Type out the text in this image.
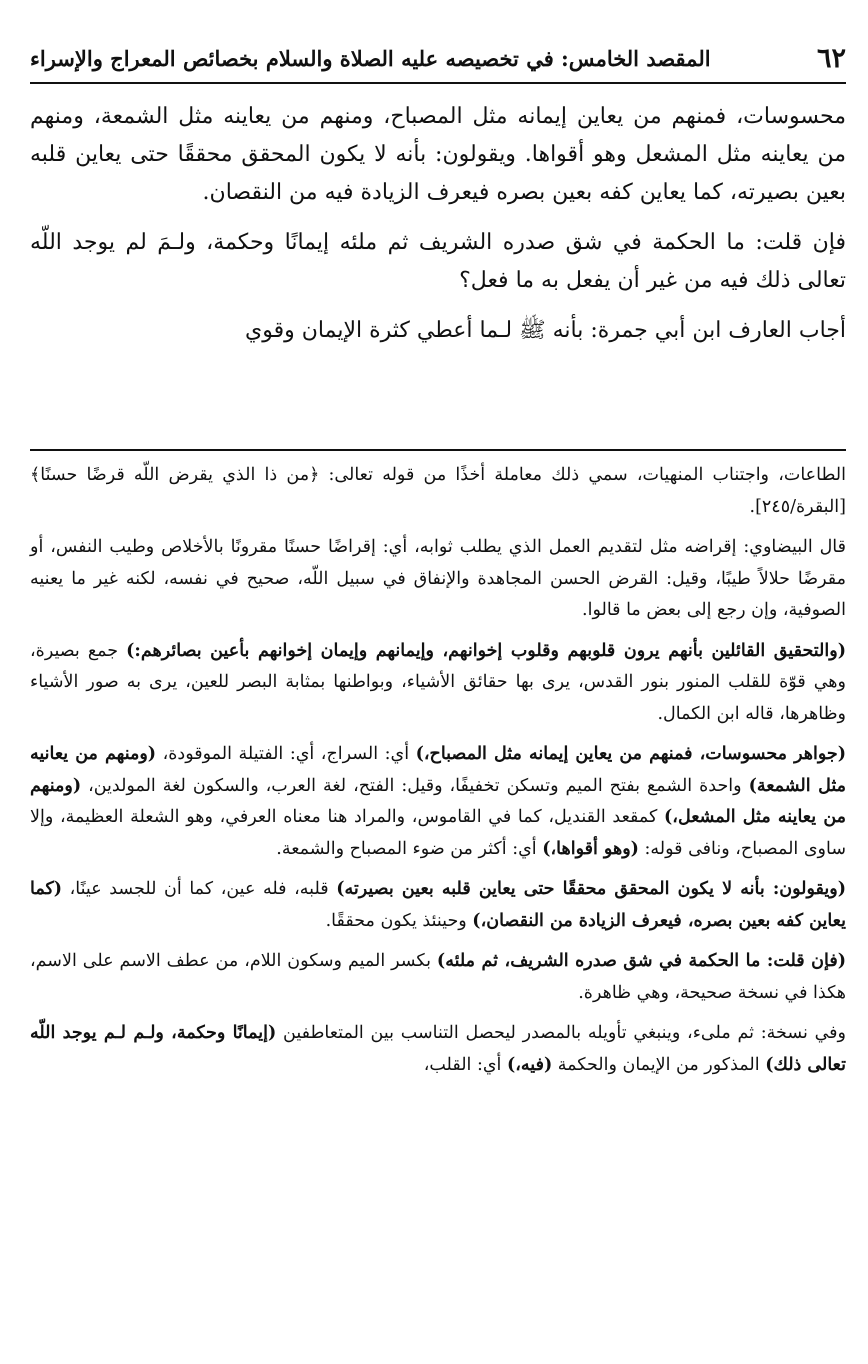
٦٢
المقصد الخامس: في تخصيصه عليه الصلاة والسلام بخصائص المعراج والإسراء

محسوسات، فمنهم من يعاين إيمانه مثل المصباح، ومنهم من يعاينه مثل الشمعة، ومنهم من يعاينه مثل المشعل وهو أقواها. ويقولون: بأنه لا يكون المحقق محققًا حتى يعاين قلبه بعين بصيرته، كما يعاين كفه بعين بصره فيعرف الزيادة فيه من النقصان.

فإن قلت: ما الحكمة في شق صدره الشريف ثم ملئه إيمانًا وحكمة، ولـمَ لم يوجد اللّه تعالى ذلك فيه من غير أن يفعل به ما فعل؟

أجاب العارف ابن أبي جمرة: بأنه ﷺ لـما أعطي كثرة الإيمان وقوي

الطاعات، واجتناب المنهيات، سمي ذلك معاملة أخذًا من قوله تعالى: ﴿من ذا الذي يقرض اللّه قرضًا حسنًا﴾ [البقرة/٢٤٥].

قال البيضاوي: إقراضه مثل لتقديم العمل الذي يطلب ثوابه، أي: إقراضًا حسنًا مقرونًا بالأخلاص وطيب النفس، أو مقرضًا حلالاً طيبًا، وقيل: القرض الحسن المجاهدة والإنفاق في سبيل اللّه، صحيح في نفسه، لكنه غير ما يعنيه الصوفية، وإن رجع إلى بعض ما قالوا.

(والتحقيق القائلين بأنهم يرون قلوبهم وقلوب إخوانهم، وإيمانهم وإيمان إخوانهم بأعين بصائرهم:) جمع بصيرة، وهي قوّة للقلب المنور بنور القدس، يرى بها حقائق الأشياء، وبواطنها بمثابة البصر للعين، يرى به صور الأشياء وظاهرها، قاله ابن الكمال.

(جواهر محسوسات، فمنهم من يعاين إيمانه مثل المصباح،) أي: السراج، أي: الفتيلة الموقودة، (ومنهم من يعانيه مثل الشمعة) واحدة الشمع بفتح الميم وتسكن تخفيفًا، وقيل: الفتح، لغة العرب، والسكون لغة المولدين، (ومنهم من يعاينه مثل المشعل،) كمقعد القنديل، كما في القاموس، والمراد هنا معناه العرفي، وهو الشعلة العظيمة، وإلا ساوى المصباح، ونافى قوله: (وهو أقواها،) أي: أكثر من ضوء المصباح والشمعة.

(ويقولون: بأنه لا يكون المحقق محققًا حتى يعاين قلبه بعين بصيرته) قلبه، فله عين، كما أن للجسد عينًا، (كما يعاين كفه بعين بصره، فيعرف الزيادة من النقصان،) وحينئذ يكون محققًا.

(فإن قلت: ما الحكمة في شق صدره الشريف، ثم ملئه) بكسر الميم وسكون اللام، من عطف الاسم على الاسم، هكذا في نسخة صحيحة، وهي ظاهرة.

وفي نسخة: ثم ملىء، وينبغي تأويله بالمصدر ليحصل التناسب بين المتعاطفين (إيمانًا وحكمة، ولـم لـم يوجد اللّه تعالى ذلك) المذكور من الإيمان والحكمة (فيه،) أي: القلب،
